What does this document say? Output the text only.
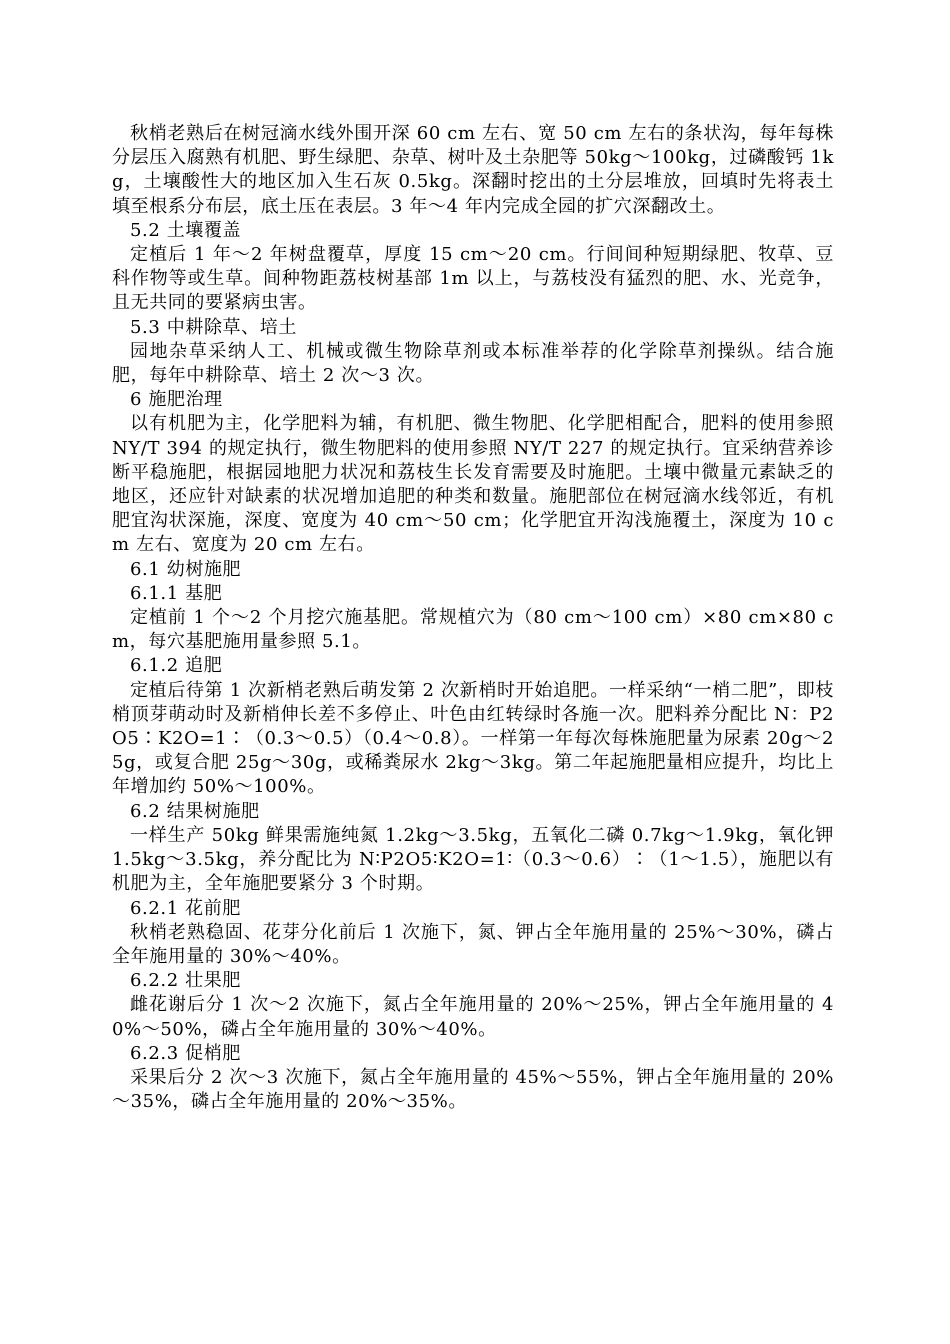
秋梢老熟后在树冠滴水线外围开深 60 cm 左右、宽 50 cm 左右的条状沟，每年每株分层压入腐熟有机肥、野生绿肥、杂草、树叶及土杂肥等 50kg～100kg，过磷酸钙 1kg，土壤酸性大的地区加入生石灰 0.5kg。深翻时挖出的土分层堆放，回填时先将表土填至根系分布层，底土压在表层。3 年～4 年内完成全园的扩穴深翻改土。

5.2 土壤覆盖

定植后 1 年～2 年树盘覆草，厚度 15 cm～20 cm。行间间种短期绿肥、牧草、豆科作物等或生草。间种物距荔枝树基部 1m 以上，与荔枝没有猛烈的肥、水、光竞争，且无共同的要紧病虫害。

5.3 中耕除草、培土

园地杂草采纳人工、机械或微生物除草剂或本标准举荐的化学除草剂操纵。结合施肥，每年中耕除草、培土 2 次～3 次。

6 施肥治理

以有机肥为主，化学肥料为辅，有机肥、微生物肥、化学肥相配合，肥料的使用参照 NY/T 394 的规定执行，微生物肥料的使用参照 NY/T 227 的规定执行。宜采纳营养诊断平稳施肥，根据园地肥力状况和荔枝生长发育需要及时施肥。土壤中微量元素缺乏的地区，还应针对缺素的状况增加追肥的种类和数量。施肥部位在树冠滴水线邻近，有机肥宜沟状深施，深度、宽度为 40 cm～50 cm；化学肥宜开沟浅施覆土，深度为 10 cm 左右、宽度为 20 cm 左右。

6.1 幼树施肥

6.1.1 基肥

定植前 1 个～2 个月挖穴施基肥。常规植穴为（80 cm～100 cm）×80 cm×80 cm，每穴基肥施用量参照 5.1。

6.1.2 追肥

定植后待第 1 次新梢老熟后萌发第 2 次新梢时开始追肥。一样采纳“一梢二肥”，即枝梢顶芽萌动时及新梢伸长差不多停止、叶色由红转绿时各施一次。肥料养分配比 N：P2O5∶K2O=1∶（0.3～0.5）（0.4～0.8）。一样第一年每次每株施肥量为尿素 20g～25g，或复合肥 25g～30g，或稀粪尿水 2kg～3kg。第二年起施肥量相应提升，均比上年增加约 50%～100%。

6.2 结果树施肥

一样生产 50kg 鲜果需施纯氮 1.2kg～3.5kg，五氧化二磷 0.7kg～1.9kg，氧化钾 1.5kg～3.5kg，养分配比为 N∶P2O5∶K2O=1∶（0.3～0.6）∶（1～1.5），施肥以有机肥为主，全年施肥要紧分 3 个时期。

6.2.1 花前肥

秋梢老熟稳固、花芽分化前后 1 次施下，氮、钾占全年施用量的 25%～30%，磷占全年施用量的 30%～40%。

6.2.2 壮果肥

雌花谢后分 1 次～2 次施下，氮占全年施用量的 20%～25%，钾占全年施用量的 40%～50%，磷占全年施用量的 30%～40%。

6.2.3 促梢肥

采果后分 2 次～3 次施下，氮占全年施用量的 45%～55%，钾占全年施用量的 20%～35%，磷占全年施用量的 20%～35%。
